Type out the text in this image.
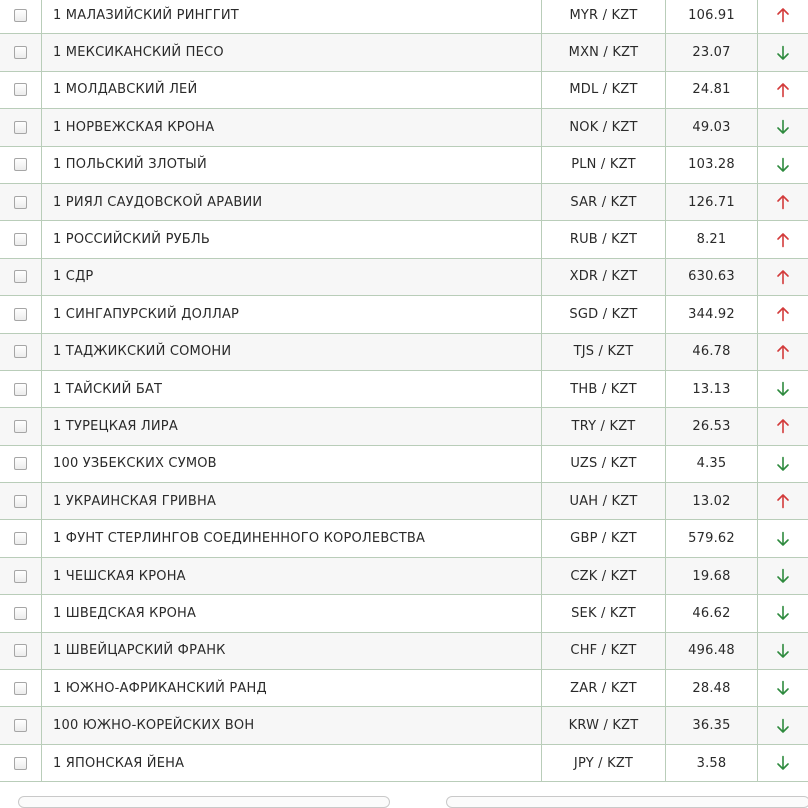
1 МАЛАЗИЙСКИЙ РИНГГИТ	MYR / KZT	106.91
1 МЕКСИКАНСКИЙ ПЕСО	MXN / KZT	23.07
1 МОЛДАВСКИЙ ЛЕЙ	MDL / KZT	24.81
1 НОРВЕЖСКАЯ КРОНА	NOK / KZT	49.03
1 ПОЛЬСКИЙ ЗЛОТЫЙ	PLN / KZT	103.28
1 РИЯЛ САУДОВСКОЙ АРАВИИ	SAR / KZT	126.71
1 РОССИЙСКИЙ РУБЛЬ	RUB / KZT	8.21
1 СДР	XDR / KZT	630.63
1 СИНГАПУРСКИЙ ДОЛЛАР	SGD / KZT	344.92
1 ТАДЖИКСКИЙ СОМОНИ	TJS / KZT	46.78
1 ТАЙСКИЙ БАТ	THB / KZT	13.13
1 ТУРЕЦКАЯ ЛИРА	TRY / KZT	26.53
100 УЗБЕКСКИХ СУМОВ	UZS / KZT	4.35
1 УКРАИНСКАЯ ГРИВНА	UAH / KZT	13.02
1 ФУНТ СТЕРЛИНГОВ СОЕДИНЕННОГО КОРОЛЕВСТВА	GBP / KZT	579.62
1 ЧЕШСКАЯ КРОНА	CZK / KZT	19.68
1 ШВЕДСКАЯ КРОНА	SEK / KZT	46.62
1 ШВЕЙЦАРСКИЙ ФРАНК	CHF / KZT	496.48
1 ЮЖНО-АФРИКАНСКИЙ РАНД	ZAR / KZT	28.48
100 ЮЖНО-КОРЕЙСКИХ ВОН	KRW / KZT	36.35
1 ЯПОНСКАЯ ЙЕНА	JPY / KZT	3.58
